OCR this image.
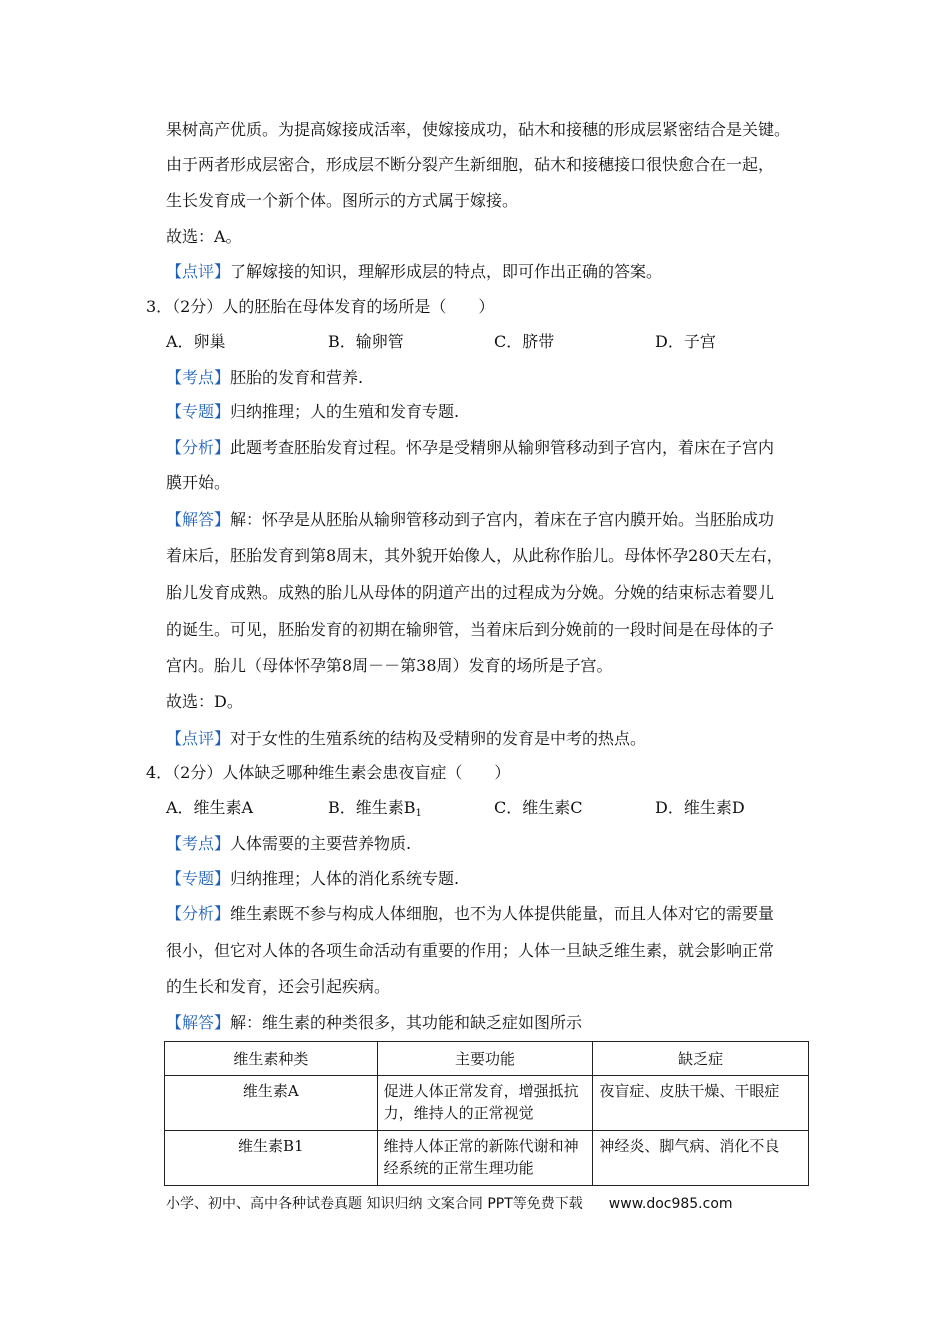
果树高产优质。为提高嫁接成活率，使嫁接成功，砧木和接穗的形成层紧密结合是关键。
由于两者形成层密合，形成层不断分裂产生新细胞，砧木和接穗接口很快愈合在一起，
生长发育成一个新个体。图所示的方式属于嫁接。
故选：A。
【点评】了解嫁接的知识，理解形成层的特点，即可作出正确的答案。
3．（2分）人的胚胎在母体发育的场所是（　　）
A．卵巢	B．输卵管	C．脐带	D．子宫
【考点】胚胎的发育和营养.
【专题】归纳推理；人的生殖和发育专题.
【分析】此题考查胚胎发育过程。怀孕是受精卵从输卵管移动到子宫内，着床在子宫内
膜开始。
【解答】解：怀孕是从胚胎从输卵管移动到子宫内，着床在子宫内膜开始。当胚胎成功
着床后，胚胎发育到第8周末，其外貌开始像人，从此称作胎儿。母体怀孕280天左右，
胎儿发育成熟。成熟的胎儿从母体的阴道产出的过程成为分娩。分娩的结束标志着婴儿
的诞生。可见，胚胎发育的初期在输卵管，当着床后到分娩前的一段时间是在母体的子
宫内。胎儿（母体怀孕第8周－－第38周）发育的场所是子宫。
故选：D。
【点评】对于女性的生殖系统的结构及受精卵的发育是中考的热点。
4．（2分）人体缺乏哪种维生素会患夜盲症（　　）
A．维生素A	B．维生素$B_1$	C．维生素C	D．维生素D
【考点】人体需要的主要营养物质.
【专题】归纳推理；人体的消化系统专题.
【分析】维生素既不参与构成人体细胞，也不为人体提供能量，而且人体对它的需要量
很小，但它对人体的各项生命活动有重要的作用；人体一旦缺乏维生素，就会影响正常
的生长和发育，还会引起疾病。
【解答】解：维生素的种类很多，其功能和缺乏症如图所示
维生素种类	主要功能	缺乏症
维生素A	促进人体正常发育，增强抵抗力，维持人的正常视觉	夜盲症、皮肤干燥、干眼症
维生素B1	维持人体正常的新陈代谢和神经系统的正常生理功能	神经炎、脚气病、消化不良
小学、初中、高中各种试卷真题 知识归纳 文案合同 PPT等免费下载 www.doc985.com
